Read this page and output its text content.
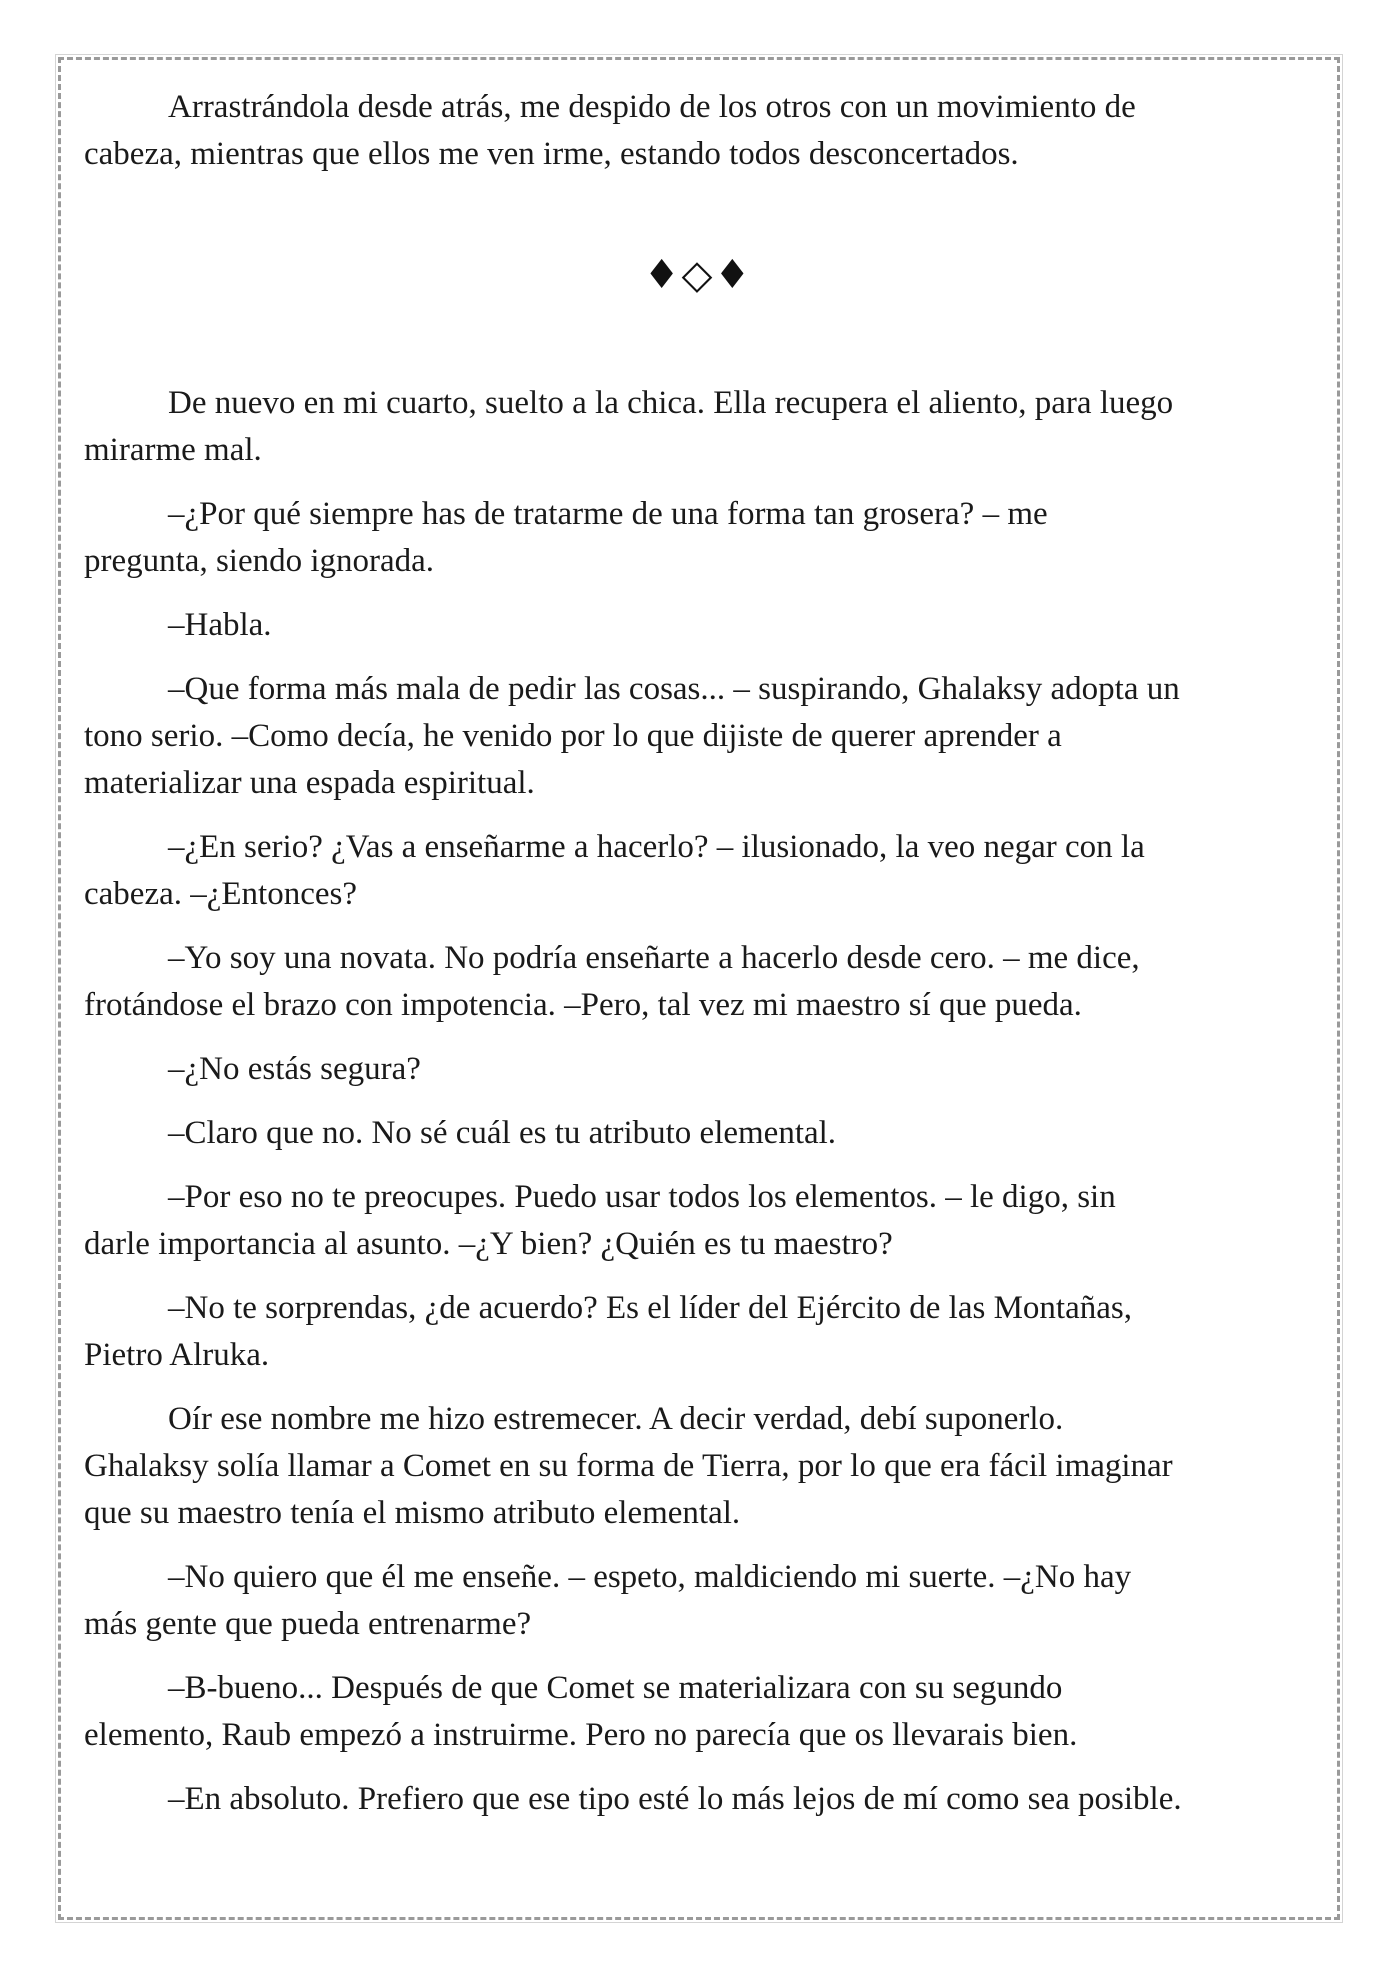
Arrastrándola desde atrás, me despido de los otros con un movimiento de
cabeza, mientras que ellos me ven irme, estando todos desconcertados.

♦◇♦

De nuevo en mi cuarto, suelto a la chica. Ella recupera el aliento, para luego
mirarme mal.

–¿Por qué siempre has de tratarme de una forma tan grosera? – me
pregunta, siendo ignorada.

–Habla.

–Que forma más mala de pedir las cosas... – suspirando, Ghalaksy adopta un
tono serio. –Como decía, he venido por lo que dijiste de querer aprender a
materializar una espada espiritual.

–¿En serio? ¿Vas a enseñarme a hacerlo? – ilusionado, la veo negar con la
cabeza. –¿Entonces?

–Yo soy una novata. No podría enseñarte a hacerlo desde cero. – me dice,
frotándose el brazo con impotencia. –Pero, tal vez mi maestro sí que pueda.

–¿No estás segura?

–Claro que no. No sé cuál es tu atributo elemental.

–Por eso no te preocupes. Puedo usar todos los elementos. – le digo, sin
darle importancia al asunto. –¿Y bien? ¿Quién es tu maestro?

–No te sorprendas, ¿de acuerdo? Es el líder del Ejército de las Montañas,
Pietro Alruka.

Oír ese nombre me hizo estremecer. A decir verdad, debí suponerlo.
Ghalaksy solía llamar a Comet en su forma de Tierra, por lo que era fácil imaginar
que su maestro tenía el mismo atributo elemental.

–No quiero que él me enseñe. – espeto, maldiciendo mi suerte. –¿No hay
más gente que pueda entrenarme?

–B-bueno... Después de que Comet se materializara con su segundo
elemento, Raub empezó a instruirme. Pero no parecía que os llevarais bien.

–En absoluto. Prefiero que ese tipo esté lo más lejos de mí como sea posible.
